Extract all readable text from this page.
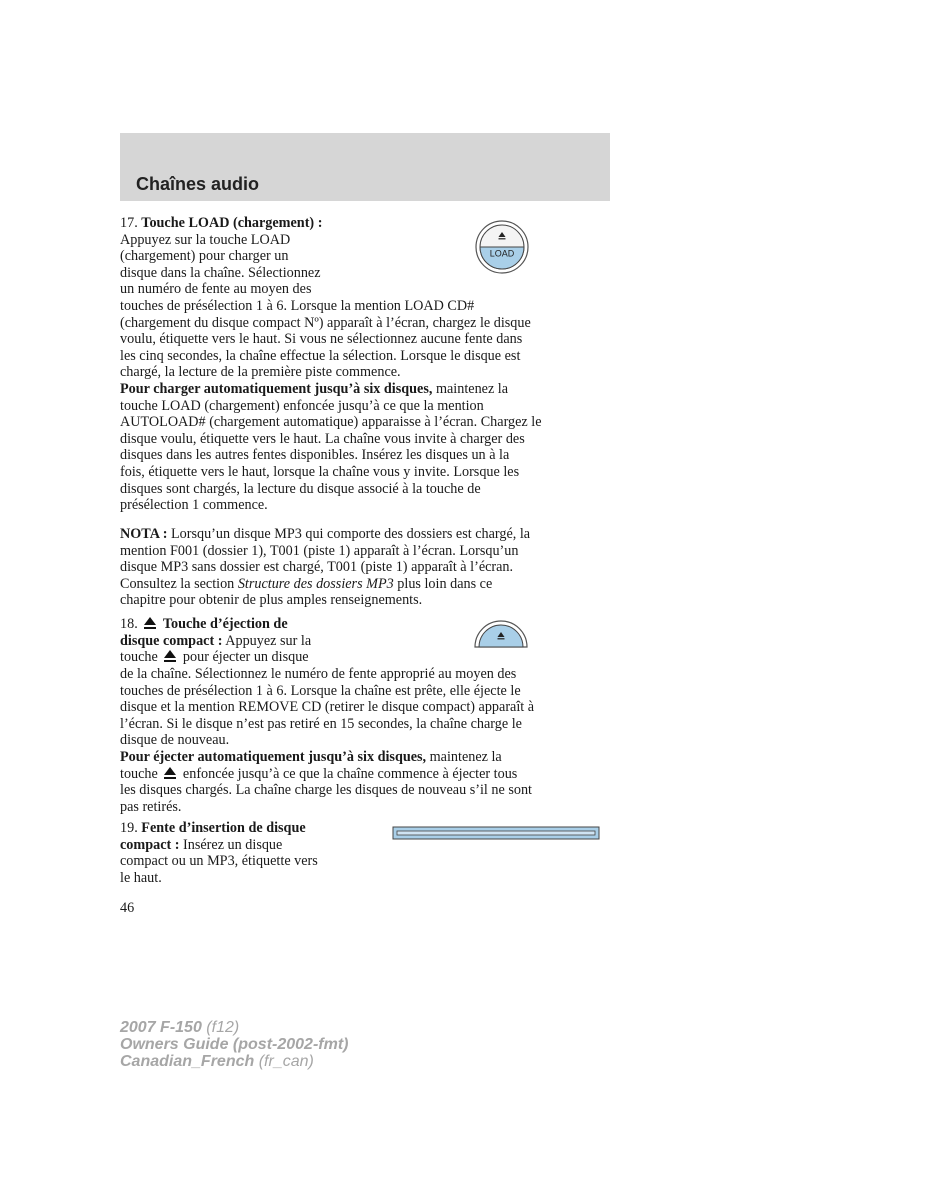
Chaînes audio
17. Touche LOAD (chargement) :
Appuyez sur la touche LOAD
(chargement) pour charger un
disque dans la chaîne. Sélectionnez
un numéro de fente au moyen des
LOAD
touches de présélection 1 à 6. Lorsque la mention LOAD CD#
(chargement du disque compact Nº) apparaît à l’écran, chargez le disque
voulu, étiquette vers le haut. Si vous ne sélectionnez aucune fente dans
les cinq secondes, la chaîne effectue la sélection. Lorsque le disque est
chargé, la lecture de la première piste commence.
Pour charger automatiquement jusqu’à six disques, maintenez la
touche LOAD (chargement) enfoncée jusqu’à ce que la mention
AUTOLOAD# (chargement automatique) apparaisse à l’écran. Chargez le
disque voulu, étiquette vers le haut. La chaîne vous invite à charger des
disques dans les autres fentes disponibles. Insérez les disques un à la
fois, étiquette vers le haut, lorsque la chaîne vous y invite. Lorsque les
disques sont chargés, la lecture du disque associé à la touche de
présélection 1 commence.
NOTA : Lorsqu’un disque MP3 qui comporte des dossiers est chargé, la
mention F001 (dossier 1), T001 (piste 1) apparaît à l’écran. Lorsqu’un
disque MP3 sans dossier est chargé, T001 (piste 1) apparaît à l’écran.
Consultez la section Structure des dossiers MP3 plus loin dans ce
chapitre pour obtenir de plus amples renseignements.
18. Touche d’éjection de
disque compact : Appuyez sur la
touche pour éjecter un disque
de la chaîne. Sélectionnez le numéro de fente approprié au moyen des
touches de présélection 1 à 6. Lorsque la chaîne est prête, elle éjecte le
disque et la mention REMOVE CD (retirer le disque compact) apparaît à
l’écran. Si le disque n’est pas retiré en 15 secondes, la chaîne charge le
disque de nouveau.
Pour éjecter automatiquement jusqu’à six disques, maintenez la
touche enfoncée jusqu’à ce que la chaîne commence à éjecter tous
les disques chargés. La chaîne charge les disques de nouveau s’il ne sont
pas retirés.
19. Fente d’insertion de disque
compact : Insérez un disque
compact ou un MP3, étiquette vers
le haut.
46
2007 F-150 (f12)
Owners Guide (post-2002-fmt)
Canadian_French (fr_can)
